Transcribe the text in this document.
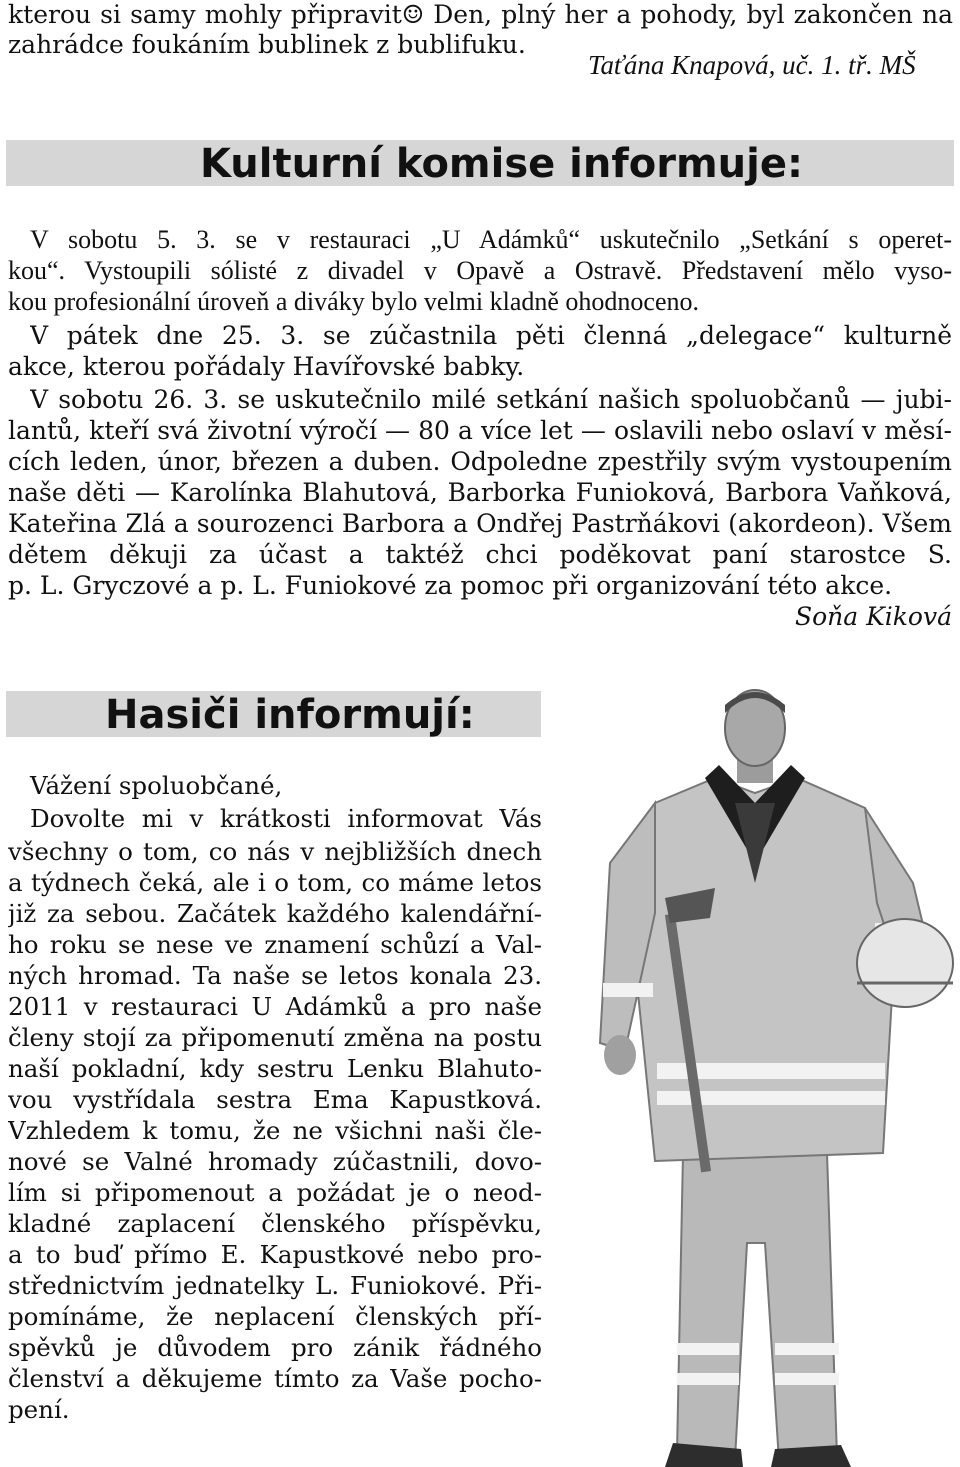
kterou si samy mohly připravit☺ Den, plný her a pohody, byl zakončen na
zahrádce foukáním bublinek z bublifuku.
Taťána Knapová, uč. 1. tř. MŠ
Kulturní komise informuje:
V sobotu 5. 3. se v restauraci „U Adámků“ uskutečnilo „Setkání s operet-
kou“. Vystoupili sólisté z divadel v Opavě a Ostravě. Představení mělo vyso-
kou profesionální úroveň a diváky bylo velmi kladně ohodnoceno.
V pátek dne 25. 3. se zúčastnila pěti členná „delegace“ kulturně
akce, kterou pořádaly Havířovské babky.
V sobotu 26. 3. se uskutečnilo milé setkání našich spoluobčanů — jubi-
lantů, kteří svá životní výročí — 80 a více let — oslavili nebo oslaví v měsí-
cích leden, únor, březen a duben. Odpoledne zpestřily svým vystoupením
naše děti — Karolínka Blahutová, Barborka Funioková, Barbora Vaňková,
Kateřina Zlá a sourozenci Barbora a Ondřej Pastrňákovi (akordeon). Všem
dětem děkuji za účast a taktéž chci poděkovat paní starostce S.
p. L. Gryczové a p. L. Funiokové za pomoc při organizování této akce.
Soňa Kiková
Hasiči informují:
Vážení spoluobčané,
Dovolte mi v krátkosti informovat Vás
všechny o tom, co nás v nejbližších dnech
a týdnech čeká, ale i o tom, co máme letos
již za sebou. Začátek každého kalendářní-
ho roku se nese ve znamení schůzí a Val-
ných hromad. Ta naše se letos konala 23.
2011 v restauraci U Adámků a pro naše
členy stojí za připomenutí změna na postu
naší pokladní, kdy sestru Lenku Blahuto-
vou vystřídala sestra Ema Kapustková.
Vzhledem k tomu, že ne všichni naši čle-
nové se Valné hromady zúčastnili, dovo-
lím si připomenout a požádat je o neod-
kladné zaplacení členského příspěvku,
a to buď přímo E. Kapustkové nebo pro-
střednictvím jednatelky L. Funiokové. Při-
pomínáme, že neplacení členských pří-
spěvků je důvodem pro zánik řádného
členství a děkujeme tímto za Vaše pocho-
pení.
